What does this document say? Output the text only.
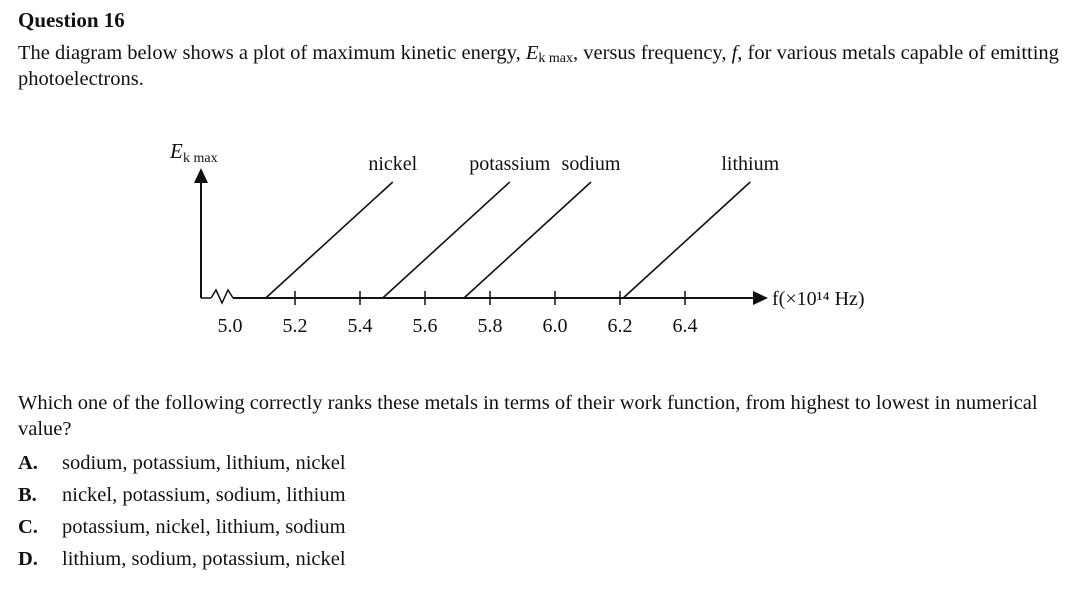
Question 16

The diagram below shows a plot of maximum kinetic energy, $E_{k max}$, versus frequency, f, for various metals capable of emitting photoelectrons.

E k max
5.0 5.2 5.4 5.6 5.8 6.0 6.2 6.4
nickel	potassium sodium	lithium
f(×10¹⁴ Hz)

Which one of the following correctly ranks these metals in terms of their work function, from highest to lowest in numerical value?

A.	sodium, potassium, lithium, nickel
B.	nickel, potassium, sodium, lithium
C.	potassium, nickel, lithium, sodium
D.	lithium, sodium, potassium, nickel
